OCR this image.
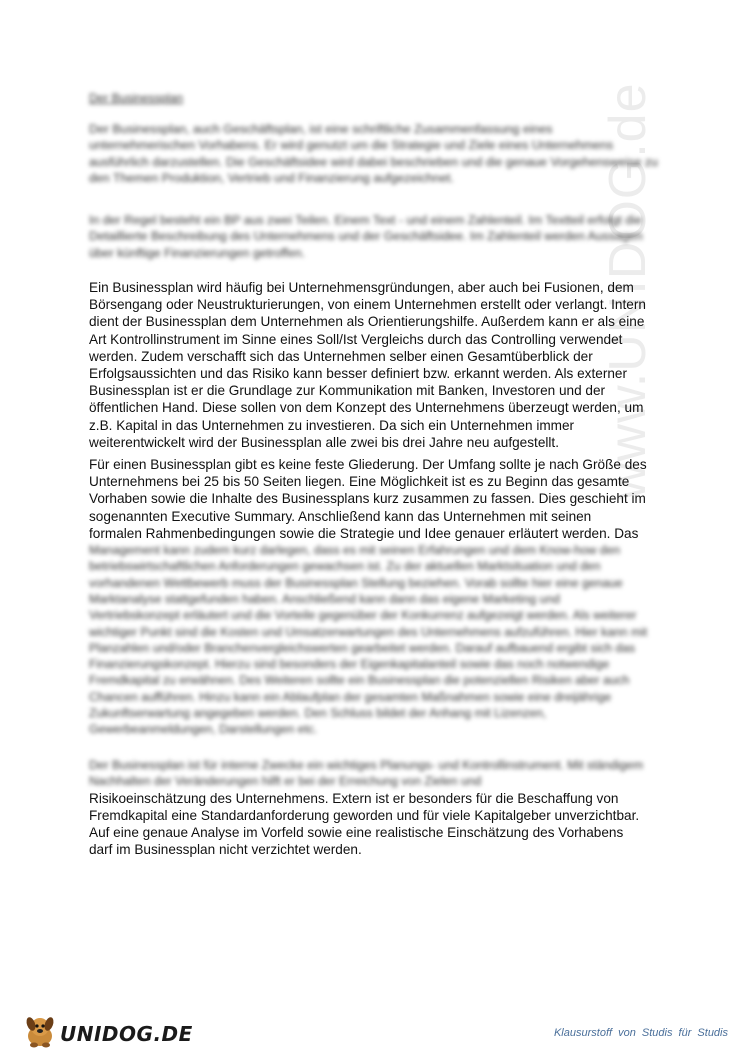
www.UNIDOG.de
Der Businessplan

Der Businessplan, auch Geschäftsplan, ist eine schriftliche Zusammenfassung eines unternehmerischen Vorhabens. Er wird genutzt um die Strategie und Ziele eines Unternehmens ausführlich darzustellen. Die Geschäftsidee wird dabei beschrieben und die genaue Vorgehensweise zu den Themen Produktion, Vertrieb und Finanzierung aufgezeichnet.

In der Regel besteht ein BP aus zwei Teilen. Einem Text - und einem Zahlenteil. Im Textteil erfolgt die Detaillierte Beschreibung des Unternehmens und der Geschäftsidee. Im Zahlenteil werden Aussagen über künftige Finanzierungen getroffen.

Ein Businessplan wird häufig bei Unternehmensgründungen, aber auch bei Fusionen, dem
Börsengang oder Neustrukturierungen, von einem Unternehmen erstellt oder verlangt. Intern
dient der Businessplan dem Unternehmen als Orientierungshilfe. Außerdem kann er als eine
Art Kontrollinstrument im Sinne eines Soll/Ist Vergleichs durch das Controlling verwendet
werden. Zudem verschafft sich das Unternehmen selber einen Gesamtüberblick der
Erfolgsaussichten und das Risiko kann besser definiert bzw. erkannt werden. Als externer
Businessplan ist er die Grundlage zur Kommunikation mit Banken, Investoren und der
öffentlichen Hand. Diese sollen von dem Konzept des Unternehmens überzeugt werden, um
z.B. Kapital in das Unternehmen zu investieren. Da sich ein Unternehmen immer
weiterentwickelt wird der Businessplan alle zwei bis drei Jahre neu aufgestellt.

Für einen Businessplan gibt es keine feste Gliederung. Der Umfang sollte je nach Größe des
Unternehmens bei 25 bis 50 Seiten liegen. Eine Möglichkeit ist es zu Beginn das gesamte
Vorhaben sowie die Inhalte des Businessplans kurz zusammen zu fassen. Dies geschieht im
sogenannten Executive Summary. Anschließend kann das Unternehmen mit seinen
formalen Rahmenbedingungen sowie die Strategie und Idee genauer erläutert werden. Das
Management kann zudem kurz darlegen, dass es mit seinen Erfahrungen und dem Know-how den betriebswirtschaftlichen Anforderungen gewachsen ist. Zu der aktuellen Marktsituation und den vorhandenen Wettbewerb muss der Businessplan Stellung beziehen. Vorab sollte hier eine genaue Marktanalyse stattgefunden haben. Anschließend kann dann das eigene Marketing und Vertriebskonzept erläutert und die Vorteile gegenüber der Konkurrenz aufgezeigt werden. Als weiterer wichtiger Punkt sind die Kosten und Umsatzerwartungen des Unternehmens aufzuführen. Hier kann mit Planzahlen und/oder Branchenvergleichswerten gearbeitet werden. Darauf aufbauend ergibt sich das Finanzierungskonzept. Hierzu sind besonders der Eigenkapitalanteil sowie das noch notwendige Fremdkapital zu erwähnen. Des Weiteren sollte ein Businessplan die potenziellen Risiken aber auch Chancen aufführen. Hinzu kann ein Ablaufplan der gesamten Maßnahmen sowie eine dreijährige Zukunftserwartung angegeben werden. Den Schluss bildet der Anhang mit Lizenzen, Gewerbeanmeldungen, Darstellungen etc.

Der Businessplan ist für interne Zwecke ein wichtiges Planungs- und Kontrollinstrument. Mit ständigem Nachhalten der Veränderungen hilft er bei der Erreichung von Zielen und
Risikoeinschätzung des Unternehmens. Extern ist er besonders für die Beschaffung von
Fremdkapital eine Standardanforderung geworden und für viele Kapitalgeber unverzichtbar.
Auf eine genaue Analyse im Vorfeld sowie eine realistische Einschätzung des Vorhabens
darf im Businessplan nicht verzichtet werden.

UNIDOG.DE	Klausurstoff von Studis für Studis
